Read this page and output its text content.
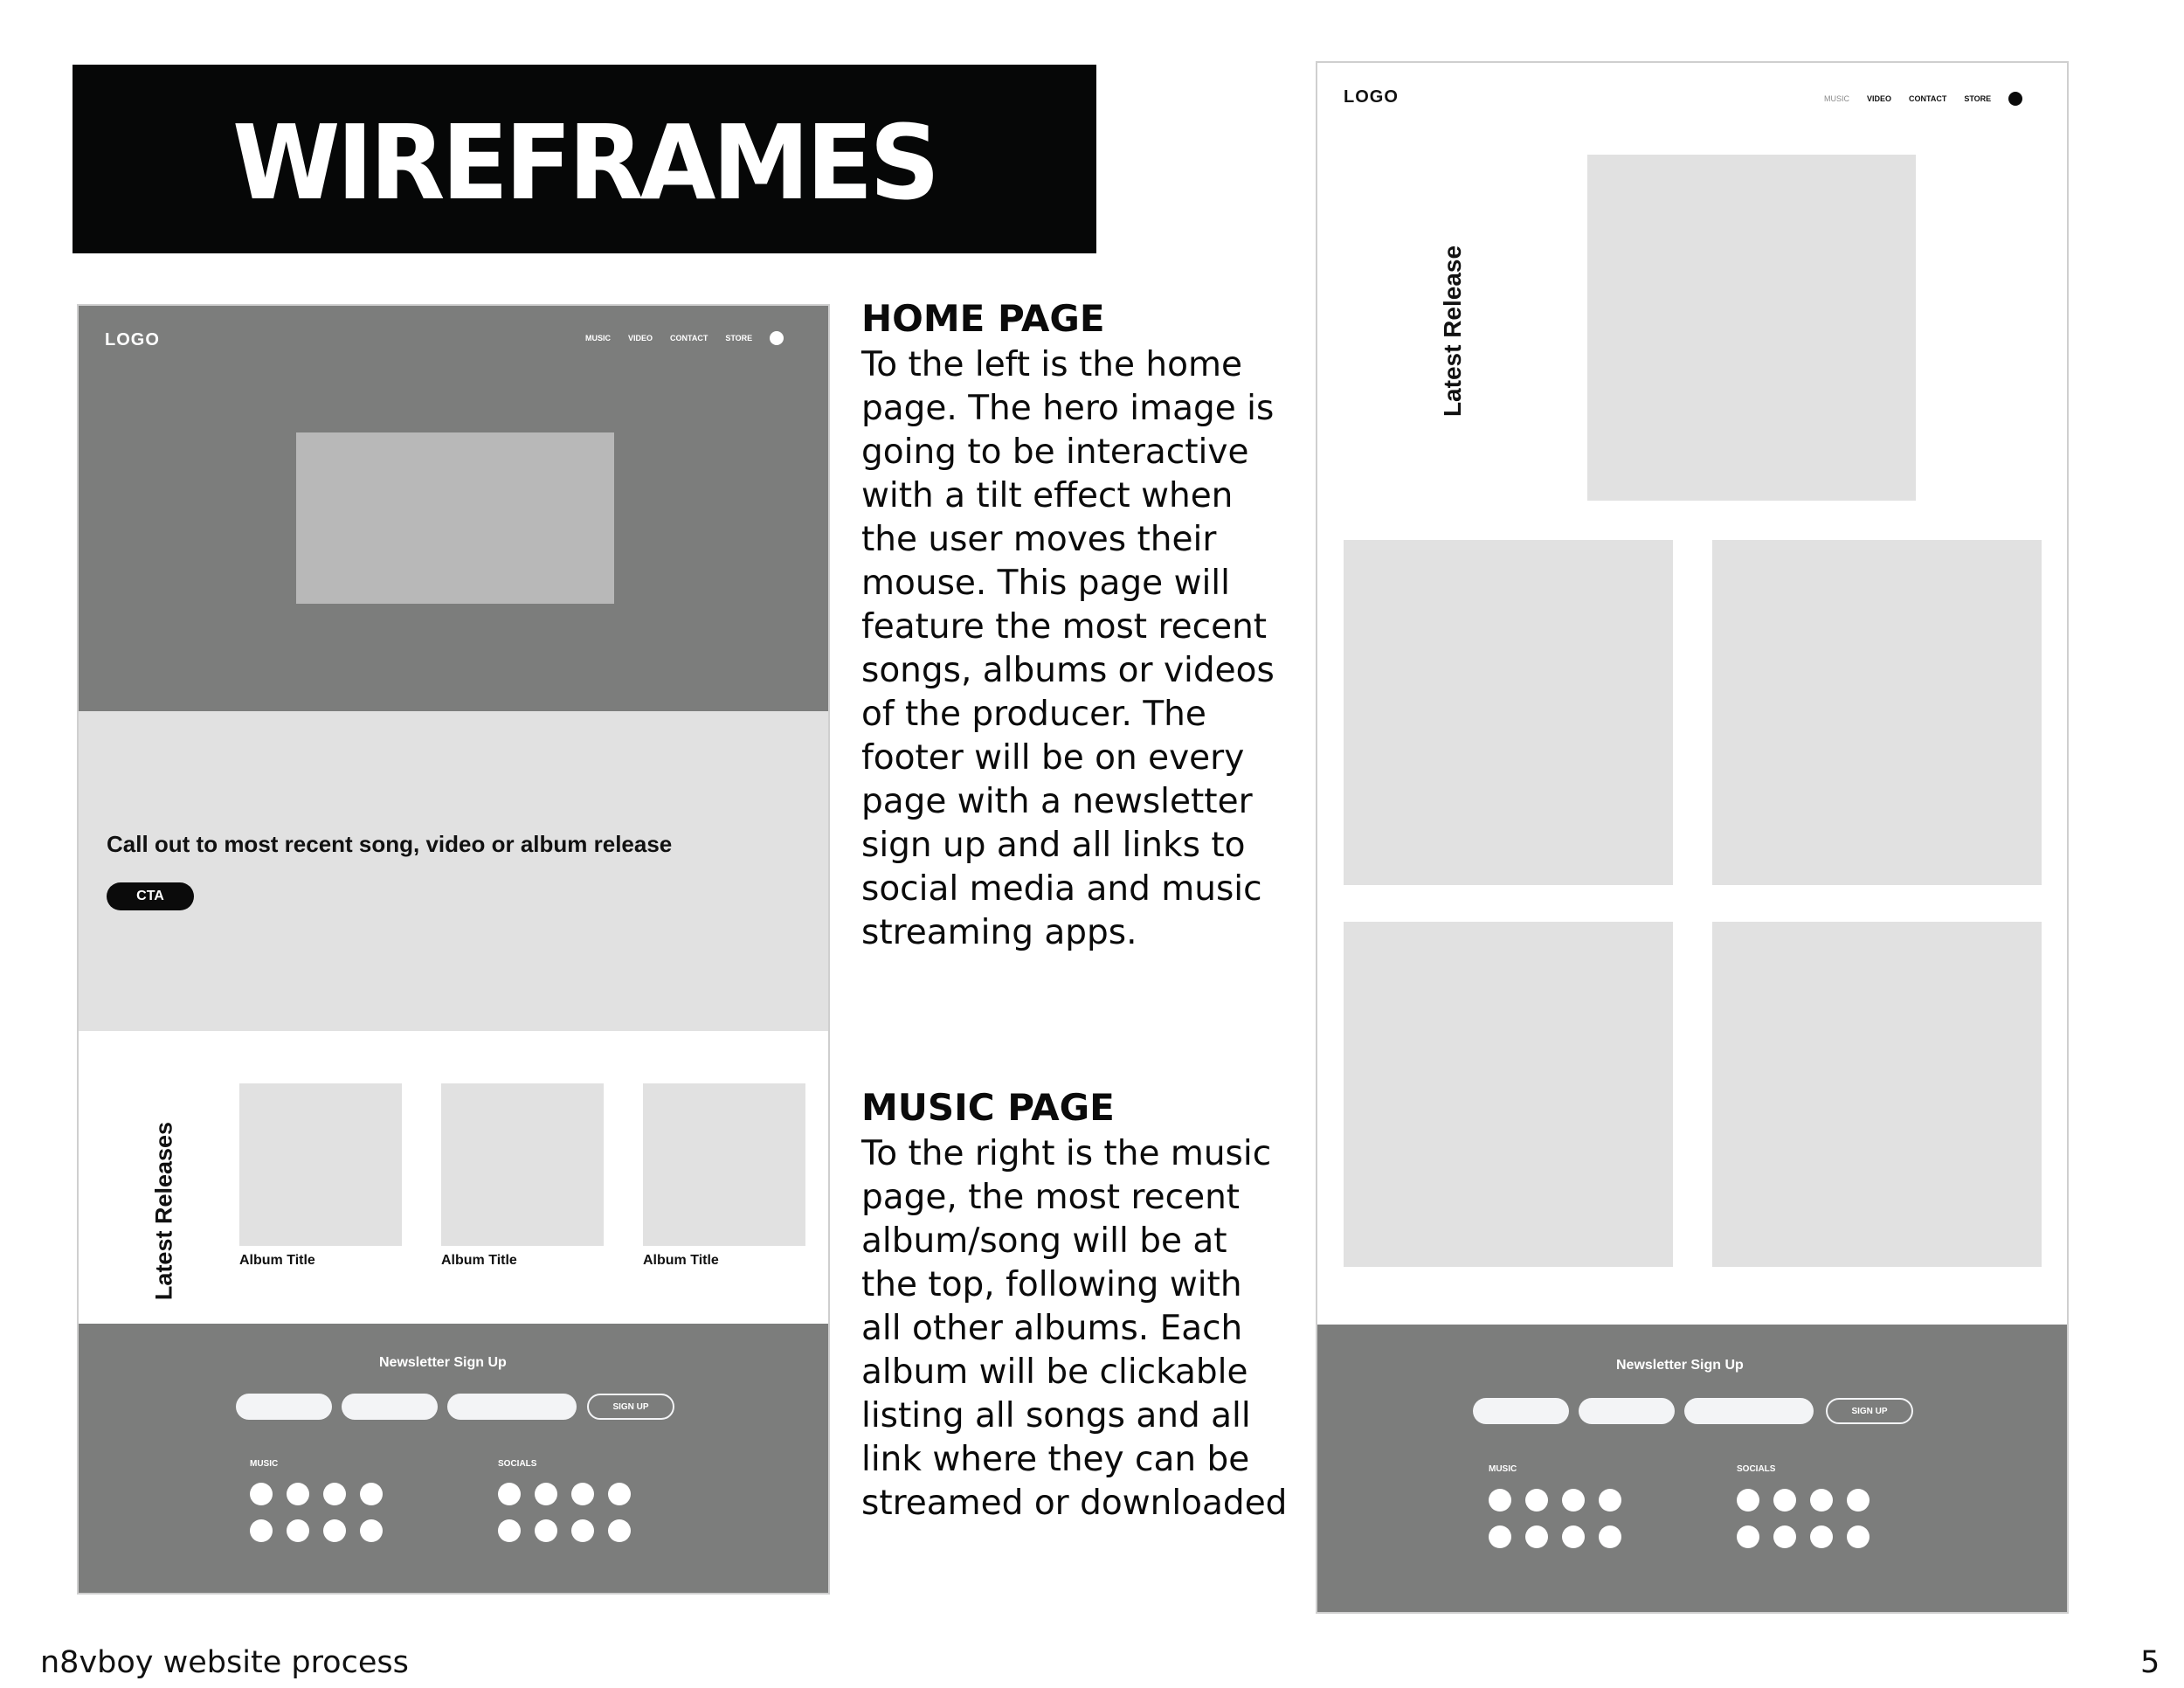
WIREFRAMES
LOGO	MUSIC VIDEO CONTACT STORE
Call out to most recent song, video or album release
CTA
Latest Releases	Album Title	Album Title	Album Title
Newsletter Sign Up
SIGN UP
MUSIC	SOCIALS
HOME PAGE
To the left is the home
page. The hero image is
going to be interactive
with a tilt effect when
the user moves their
mouse. This page will
feature the most recent
songs, albums or videos
of the producer. The
footer will be on every
page with a newsletter
sign up and all links to
social media and music
streaming apps.
MUSIC PAGE
To the right is the music
page, the most recent
album/song will be at
the top, following with
all other albums. Each
album will be clickable
listing all songs and all
link where they can be
streamed or downloaded
LOGO	MUSIC VIDEO CONTACT STORE
Latest Release
Newsletter Sign Up
SIGN UP
MUSIC	SOCIALS
n8vboy website process	5
